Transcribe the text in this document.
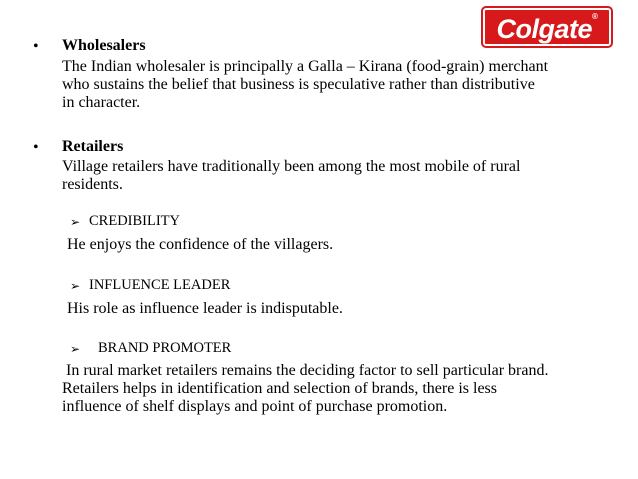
Colgate®
• Wholesalers
The Indian wholesaler is principally a Galla – Kirana (food-grain) merchant
who sustains the belief that business is speculative rather than distributive
in character.
• Retailers
Village retailers have traditionally been among the most mobile of rural
residents.
➢ CREDIBILITY
He enjoys the confidence of the villagers.
➢ INFLUENCE LEADER
His role as influence leader is indisputable.
➢ BRAND PROMOTER
In rural market retailers remains the deciding factor to sell particular brand.
Retailers helps in identification and selection of brands, there is less
influence of shelf displays and point of purchase promotion.
